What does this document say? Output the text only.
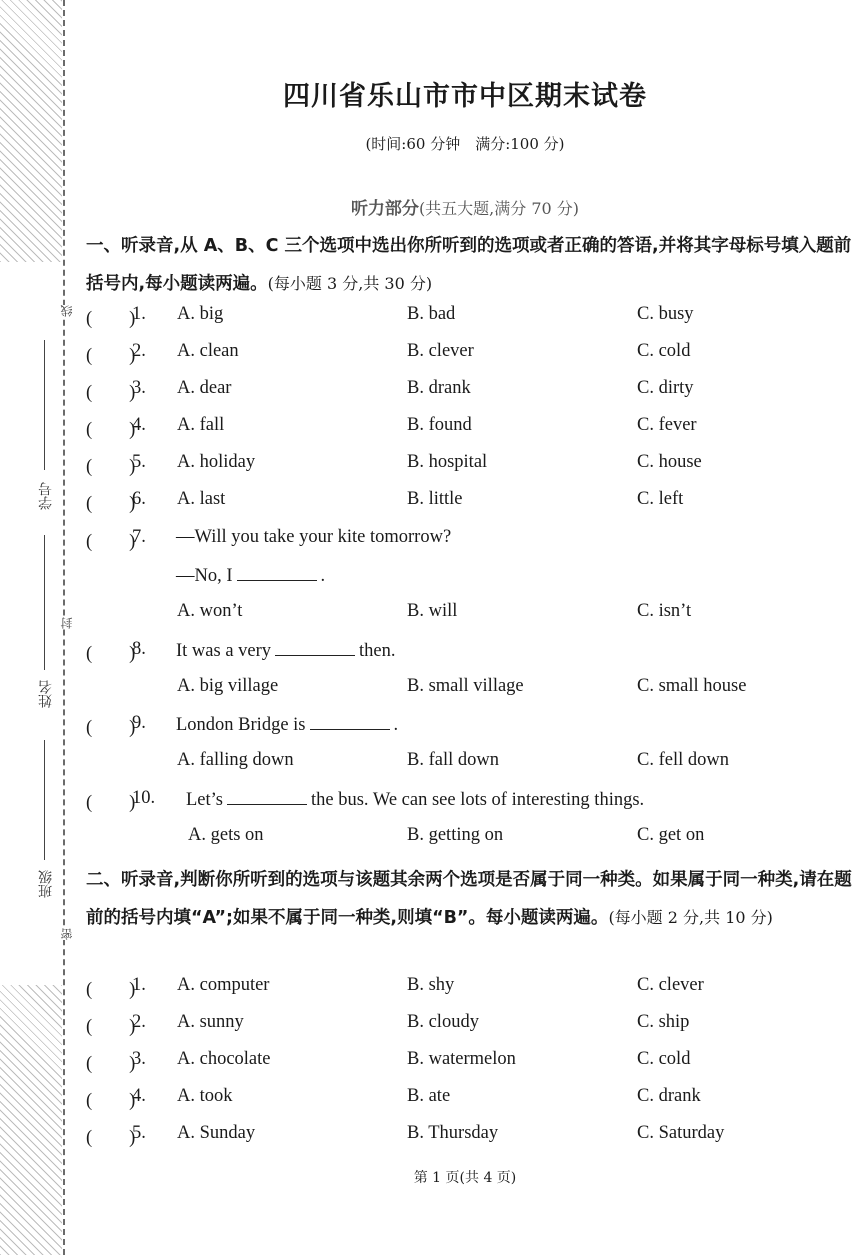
学号
姓名
班级
线
封
密
四川省乐山市市中区期末试卷
(时间:60 分钟　满分:100 分)
听力部分(共五大题,满分 70 分)
一、听录音,从 A、B、C 三个选项中选出你所听到的选项或者正确的答语,并将其字母标号填入题前括号内,每小题读两遍。(每小题 3 分,共 30 分)
(　　)
1. A. big	B. bad	C. busy
(　　)
2. A. clean	B. clever	C. cold
(　　)
3. A. dear	B. drank	C. dirty
(　　)
4. A. fall	B. found	C. fever
(　　)
5. A. holiday	B. hospital	C. house
(　　)
6. A. last	B. little	C. left
(　　)
7. —Will you take your kite tomorrow?
—No, I	.
A. won’t	B. will	C. isn’t
(　　)
8. It was a very	then.
A. big village	B. small village	C. small house
(　　)
9. London Bridge is	.
A. falling down	B. fall down	C. fell down
(　　)
10. Let’s	the bus. We can see lots of interesting things.
A. gets on	B. getting on	C. get on
二、听录音,判断你所听到的选项与该题其余两个选项是否属于同一种类。如果属于同一种类,请在题前的括号内填“A”;如果不属于同一种类,则填“B”。每小题读两遍。(每小题 2 分,共 10 分)
(　　)
1. A. computer	B. shy	C. clever
(　　)
2. A. sunny	B. cloudy	C. ship
(　　)
3. A. chocolate	B. watermelon	C. cold
(　　)
4. A. took	B. ate	C. drank
(　　)
5. A. Sunday	B. Thursday	C. Saturday
第 1 页(共 4 页)
